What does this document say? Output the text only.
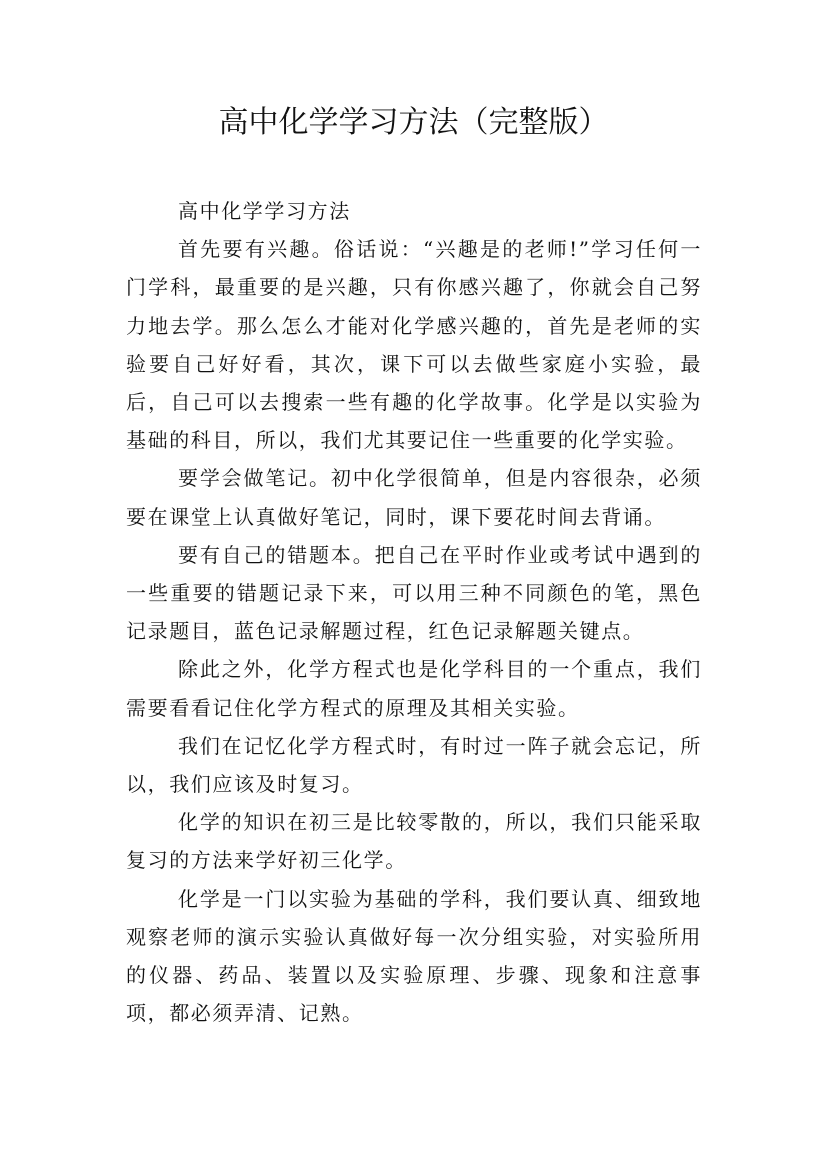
高中化学学习方法（完整版）

高中化学学习方法

首先要有兴趣。俗话说：“兴趣是的老师!”学习任何一门学科，最重要的是兴趣，只有你感兴趣了，你就会自己努力地去学。那么怎么才能对化学感兴趣的，首先是老师的实验要自己好好看，其次，课下可以去做些家庭小实验，最后，自己可以去搜索一些有趣的化学故事。化学是以实验为基础的科目，所以，我们尤其要记住一些重要的化学实验。

要学会做笔记。初中化学很简单，但是内容很杂，必须要在课堂上认真做好笔记，同时，课下要花时间去背诵。

要有自己的错题本。把自己在平时作业或考试中遇到的一些重要的错题记录下来，可以用三种不同颜色的笔，黑色记录题目，蓝色记录解题过程，红色记录解题关键点。

除此之外，化学方程式也是化学科目的一个重点，我们需要看看记住化学方程式的原理及其相关实验。

我们在记忆化学方程式时，有时过一阵子就会忘记，所以，我们应该及时复习。

化学的知识在初三是比较零散的，所以，我们只能采取复习的方法来学好初三化学。

化学是一门以实验为基础的学科，我们要认真、细致地观察老师的演示实验认真做好每一次分组实验，对实验所用的仪器、药品、装置以及实验原理、步骤、现象和注意事项，都必须弄清、记熟。
